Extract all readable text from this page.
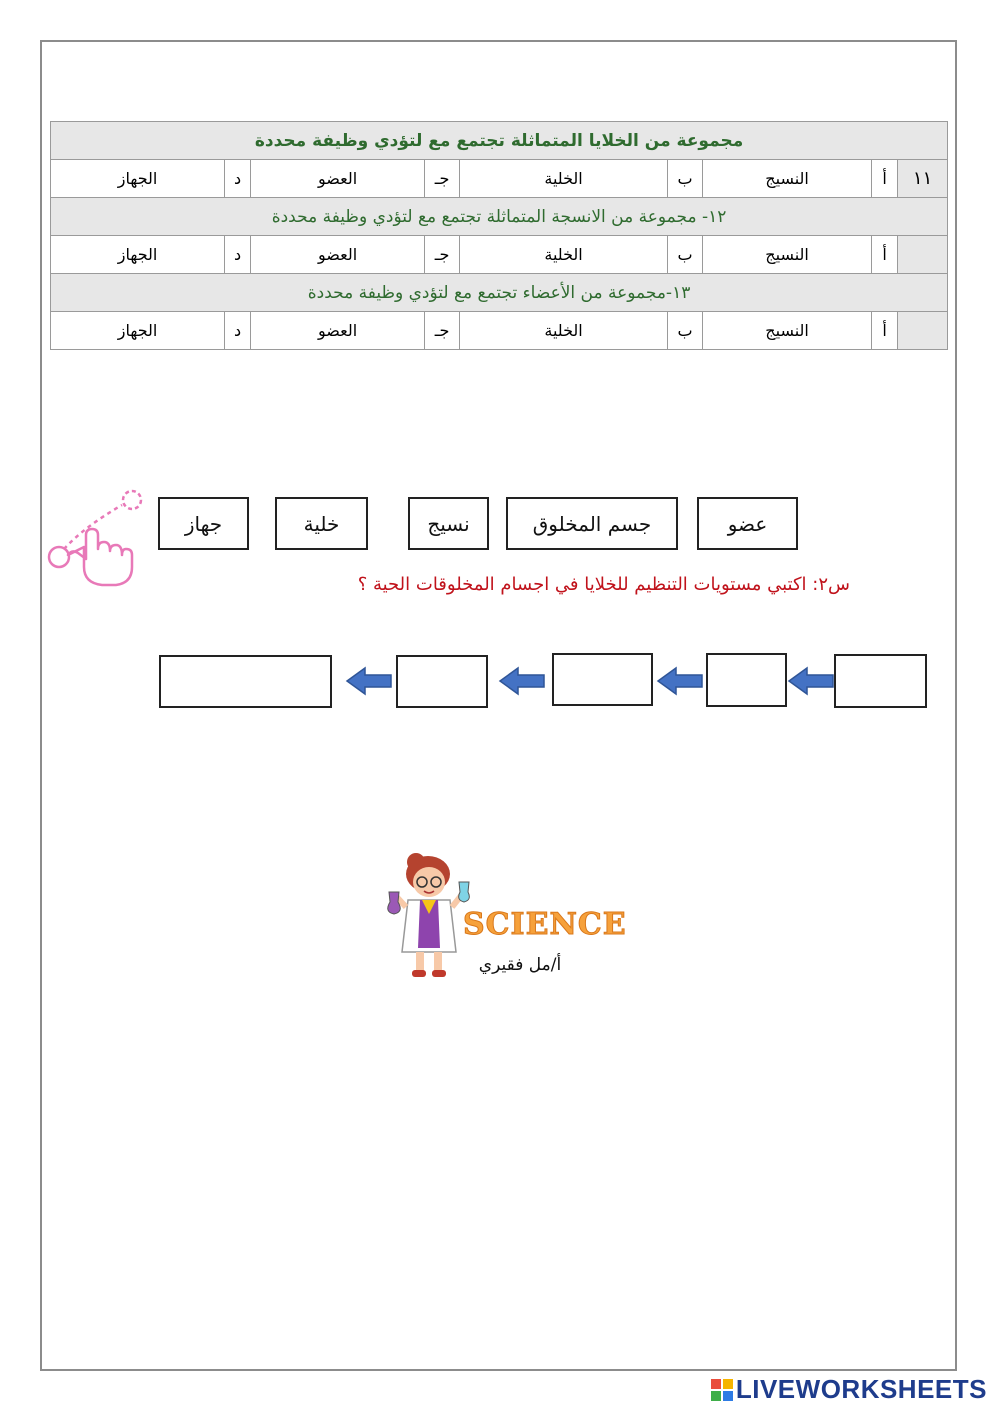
مجموعة من الخلايا المتماثلة تجتمع مع لتؤدي وظيفة محددة								
١١	أ	النسيج	ب	الخلية	جـ	العضو	د	الجهاز
١٢- مجموعة من الانسجة المتماثلة تجتمع مع لتؤدي وظيفة محددة								
	أ	النسيج	ب	الخلية	جـ	العضو	د	الجهاز
١٣-مجموعة من الأعضاء تجتمع مع لتؤدي وظيفة محددة								
	أ	النسيج	ب	الخلية	جـ	العضو	د	الجهاز
جهاز	خلية	نسيج	جسم المخلوق	عضو
س٢: اكتبي مستويات التنظيم للخلايا في اجسام المخلوقات الحية ؟
SCIENCE
أ/مل فقيري
LIVEWORKSHEETS
